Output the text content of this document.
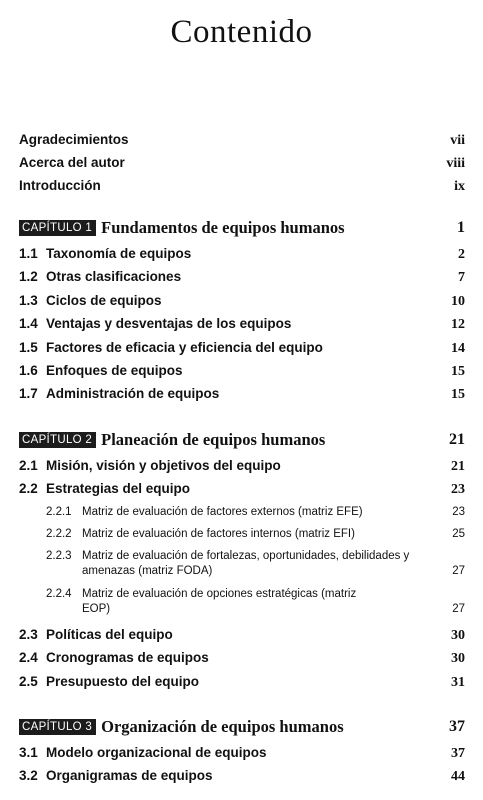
Contenido
Agradecimientos	vii
Acerca del autor	viii
Introducción	ix
CAPÍTULO 1 Fundamentos de equipos humanos	1
1.1 Taxonomía de equipos	2
1.2 Otras clasificaciones	7
1.3 Ciclos de equipos	10
1.4 Ventajas y desventajas de los equipos	12
1.5 Factores de eficacia y eficiencia del equipo	14
1.6 Enfoques de equipos	15
1.7 Administración de equipos	15
CAPÍTULO 2 Planeación de equipos humanos	21
2.1 Misión, visión y objetivos del equipo	21
2.2 Estrategias del equipo	23
2.2.1 Matriz de evaluación de factores externos (matriz EFE)	23
2.2.2 Matriz de evaluación de factores internos (matriz EFI)	25
2.2.3 Matriz de evaluación de fortalezas, oportunidades, debilidades y amenazas (matriz FODA)	27
2.2.4 Matriz de evaluación de opciones estratégicas (matriz EOP)	27
2.3 Políticas del equipo	30
2.4 Cronogramas de equipos	30
2.5 Presupuesto del equipo	31
CAPÍTULO 3 Organización de equipos humanos	37
3.1 Modelo organizacional de equipos	37
3.2 Organigramas de equipos	44
